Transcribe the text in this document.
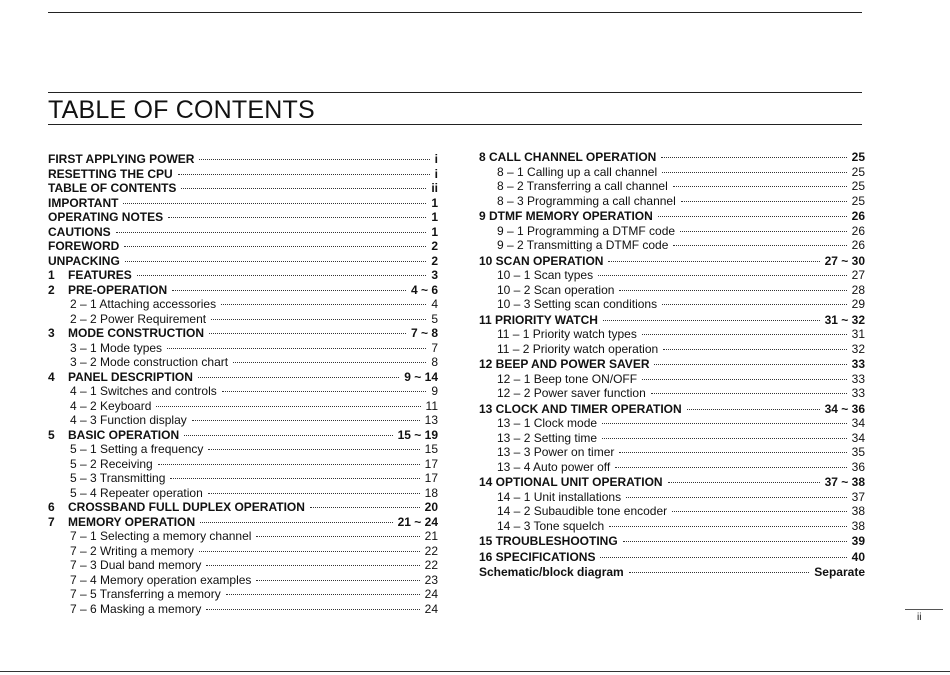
TABLE OF CONTENTS
FIRST APPLYING POWER	i
RESETTING THE CPU	i
TABLE OF CONTENTS	ii
IMPORTANT	1
OPERATING NOTES	1
CAUTIONS	1
FOREWORD	2
UNPACKING	2
1	FEATURES	3
2	PRE-OPERATION	4 ~ 6
2 – 1 Attaching accessories	4
2 – 2 Power Requirement	5
3	MODE CONSTRUCTION	7 ~ 8
3 – 1 Mode types	7
3 – 2 Mode construction chart	8
4	PANEL DESCRIPTION	9 ~ 14
4 – 1 Switches and controls	9
4 – 2 Keyboard	11
4 – 3 Function display	13
5	BASIC OPERATION	15 ~ 19
5 – 1 Setting a frequency	15
5 – 2 Receiving	17
5 – 3 Transmitting	17
5 – 4 Repeater operation	18
6	CROSSBAND FULL DUPLEX OPERATION	20
7	MEMORY OPERATION	21 ~ 24
7 – 1 Selecting a memory channel	21
7 – 2 Writing a memory	22
7 – 3 Dual band memory	22
7 – 4 Memory operation examples	23
7 – 5 Transferring a memory	24
7 – 6 Masking a memory	24
8 CALL CHANNEL OPERATION	25
8 – 1 Calling up a call channel	25
8 – 2 Transferring a call channel	25
8 – 3 Programming a call channel	25
9 DTMF MEMORY OPERATION	26
9 – 1 Programming a DTMF code	26
9 – 2 Transmitting a DTMF code	26
10 SCAN OPERATION	27 ~ 30
10 – 1 Scan types	27
10 – 2 Scan operation	28
10 – 3 Setting scan conditions	29
11 PRIORITY WATCH	31 ~ 32
11 – 1 Priority watch types	31
11 – 2 Priority watch operation	32
12 BEEP AND POWER SAVER	33
12 – 1 Beep tone ON/OFF	33
12 – 2 Power saver function	33
13 CLOCK AND TIMER OPERATION	34 ~ 36
13 – 1 Clock mode	34
13 – 2 Setting time	34
13 – 3 Power on timer	35
13 – 4 Auto power off	36
14 OPTIONAL UNIT OPERATION	37 ~ 38
14 – 1 Unit installations	37
14 – 2 Subaudible tone encoder	38
14 – 3 Tone squelch	38
15 TROUBLESHOOTING	39
16 SPECIFICATIONS	40
Schematic/block diagram	Separate
ii
